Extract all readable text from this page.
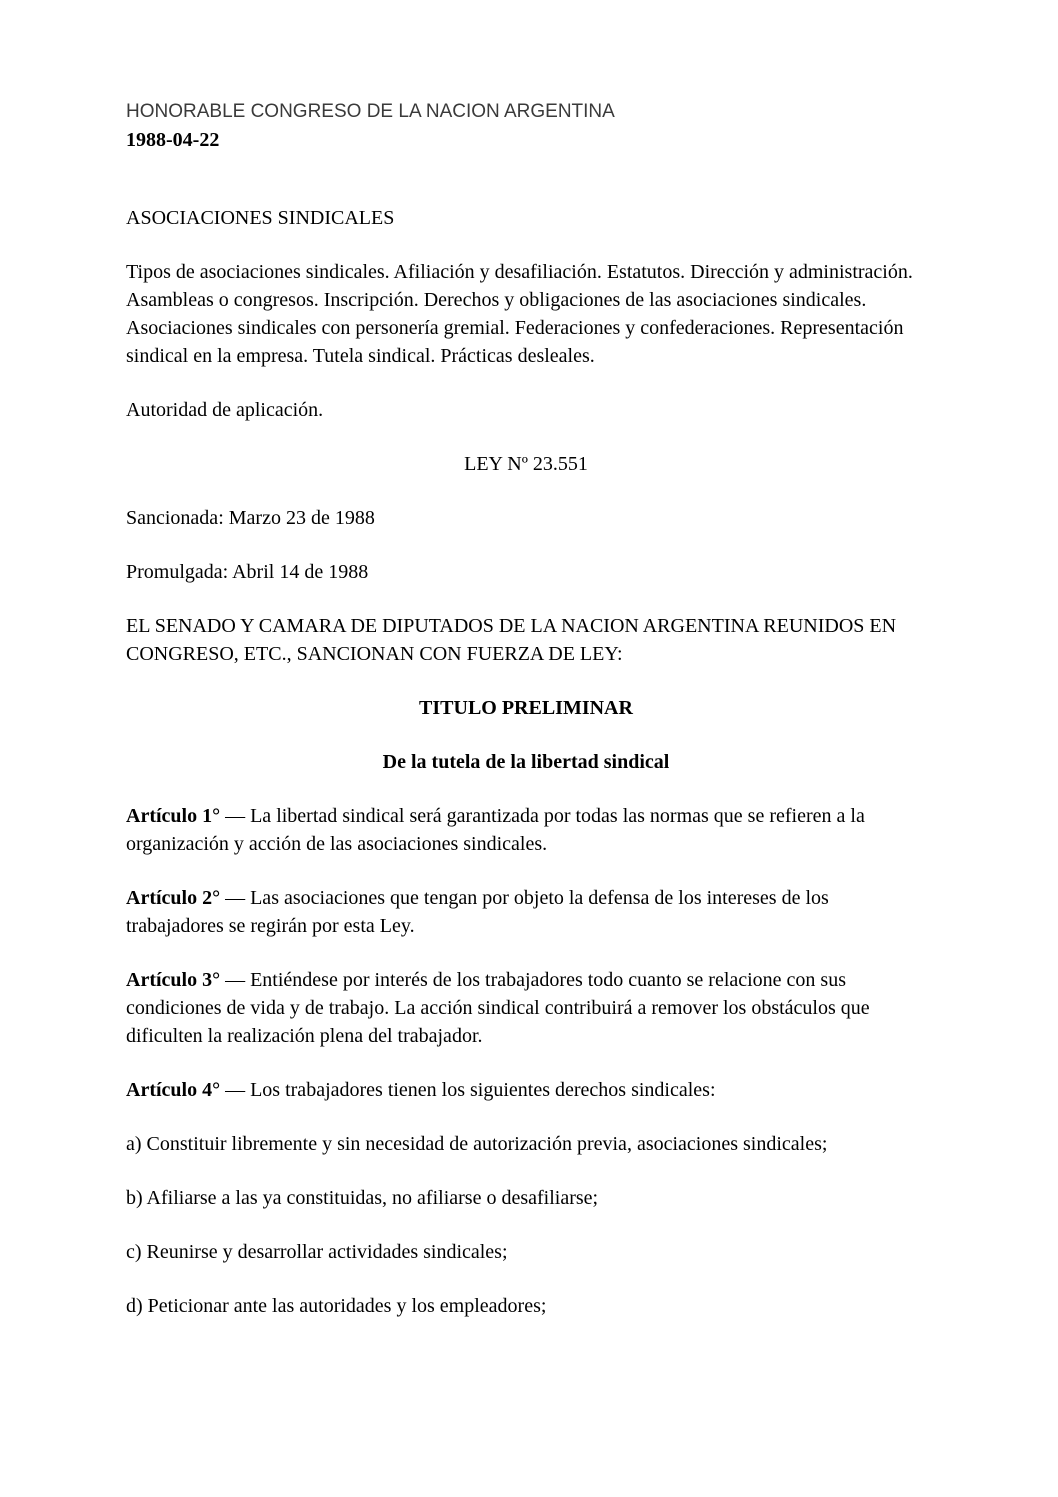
HONORABLE CONGRESO DE LA NACION ARGENTINA

1988-04-22

ASOCIACIONES SINDICALES

Tipos de asociaciones sindicales. Afiliación y desafiliación. Estatutos. Dirección y administración. Asambleas o congresos. Inscripción. Derechos y obligaciones de las asociaciones sindicales. Asociaciones sindicales con personería gremial. Federaciones y confederaciones. Representación sindical en la empresa. Tutela sindical. Prácticas desleales.

Autoridad de aplicación.

LEY Nº 23.551

Sancionada: Marzo 23 de 1988

Promulgada: Abril 14 de 1988

EL SENADO Y CAMARA DE DIPUTADOS DE LA NACION ARGENTINA REUNIDOS EN CONGRESO, ETC., SANCIONAN CON FUERZA DE LEY:

TITULO PRELIMINAR

De la tutela de la libertad sindical

Artículo 1° — La libertad sindical será garantizada por todas las normas que se refieren a la organización y acción de las asociaciones sindicales.

Artículo 2° — Las asociaciones que tengan por objeto la defensa de los intereses de los trabajadores se regirán por esta Ley.

Artículo 3° — Entiéndese por interés de los trabajadores todo cuanto se relacione con sus condiciones de vida y de trabajo. La acción sindical contribuirá a remover los obstáculos que dificulten la realización plena del trabajador.

Artículo 4° — Los trabajadores tienen los siguientes derechos sindicales:

a) Constituir libremente y sin necesidad de autorización previa, asociaciones sindicales;

b) Afiliarse a las ya constituidas, no afiliarse o desafiliarse;

c) Reunirse y desarrollar actividades sindicales;

d) Peticionar ante las autoridades y los empleadores;
